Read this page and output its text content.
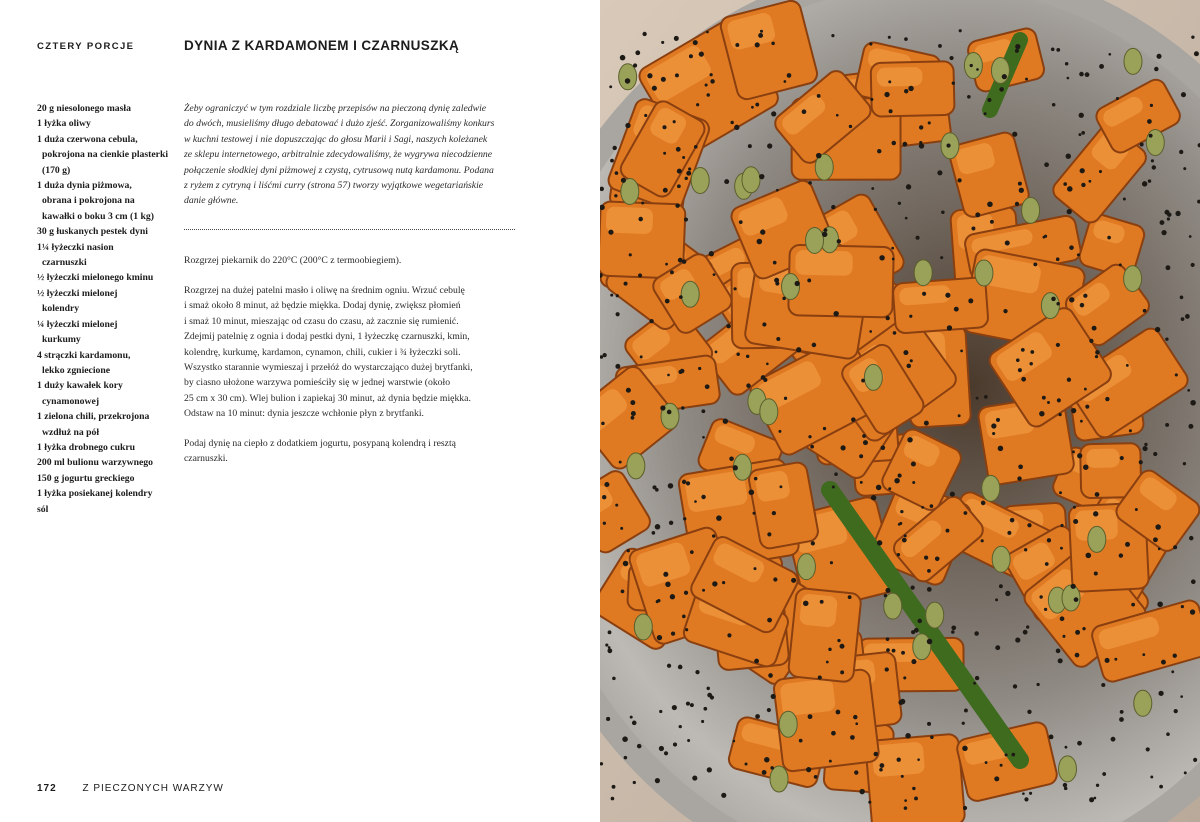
CZTERY PORCJE	DYNIA Z KARDAMONEM I CZARNUSZKĄ
20 g niesolonego masła
1 łyżka oliwy
1 duża czerwona cebula,
pokrojona na cienkie plasterki (170 g)
1 duża dynia piżmowa,
obrana i pokrojona na kawałki o boku 3 cm (1 kg)
30 g łuskanych pestek dyni
1¼ łyżeczki nasion
czarnuszki
½ łyżeczki mielonego kminu
½ łyżeczki mielonej
kolendry
¼ łyżeczki mielonej
kurkumy
4 strączki kardamonu,
lekko zgniecione
1 duży kawałek kory
cynamonowej
1 zielona chili, przekrojona
wzdłuż na pół
1 łyżka drobnego cukru
200 ml bulionu warzywnego
150 g jogurtu greckiego
1 łyżka posiekanej kolendry
sól

Żeby ograniczyć w tym rozdziale liczbę przepisów na pieczoną dynię zaledwie
do dwóch, musieliśmy długo debatować i dużo zjeść. Zorganizowaliśmy konkurs
w kuchni testowej i nie dopuszczając do głosu Marii i Sagi, naszych koleżanek
ze sklepu internetowego, arbitralnie zdecydowaliśmy, że wygrywa niecodzienne
połączenie słodkiej dyni piżmowej z czystą, cytrusową nutą kardamonu. Podana
z ryżem z cytryną i liśćmi curry (strona 57) tworzy wyjątkowe wegetariańskie
danie główne.

Rozgrzej piekarnik do 220°C (200°C z termoobiegiem).

Rozgrzej na dużej patelni masło i oliwę na średnim ogniu. Wrzuć cebulę
i smaż około 8 minut, aż będzie miękka. Dodaj dynię, zwiększ płomień
i smaż 10 minut, mieszając od czasu do czasu, aż zacznie się rumienić.
Zdejmij patelnię z ognia i dodaj pestki dyni, 1 łyżeczkę czarnuszki, kmin,
kolendrę, kurkumę, kardamon, cynamon, chili, cukier i ¾ łyżeczki soli.
Wszystko starannie wymieszaj i przełóż do wystarczająco dużej brytfanki,
by ciasno ułożone warzywa pomieściły się w jednej warstwie (około
25 cm x 30 cm). Wlej bulion i zapiekaj 30 minut, aż dynia będzie miękka.
Odstaw na 10 minut: dynia jeszcze wchłonie płyn z brytfanki.

Podaj dynię na ciepło z dodatkiem jogurtu, posypaną kolendrą i resztą
czarnuszki.

172	Z PIECZONYCH WARZYW
